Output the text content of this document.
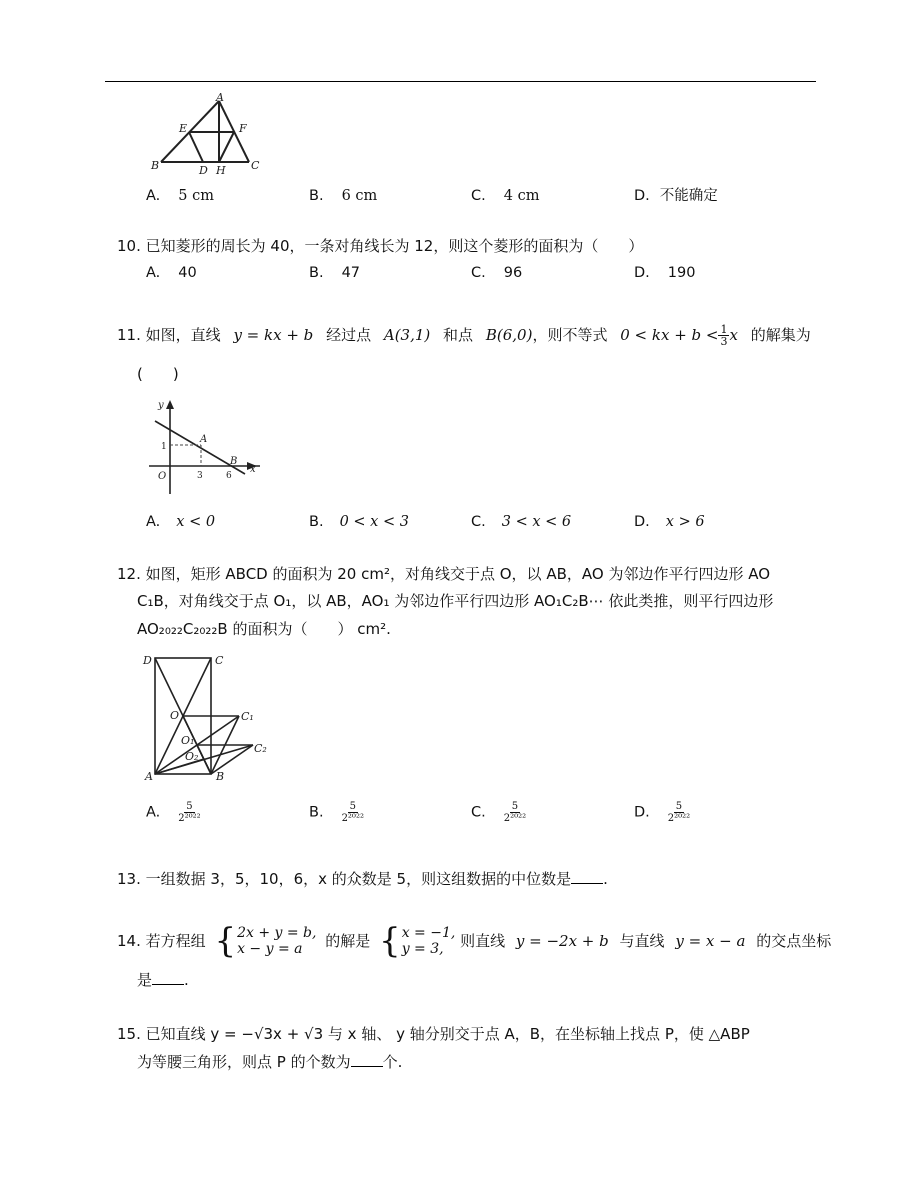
A
E	F
B	D H C
A. 5 cm	B. 6 cm	C. 4 cm	D. 不能确定
10. 已知菱形的周长为 40，一条对角线长为 12，则这个菱形的面积为（　　）
A. 40	B. 47	C. 96	D. 190
11. 如图，直线 y = kx + b 经过点 A(3,1) 和点 B(6,0)，则不等式 0 < kx + $b < \frac{1}{3}$ x 的解集为
(　　)
y
x
O
A
B
1
3	6
A. x < 0	B. 0 < x < 3	C. 3 < x < 6	D. x > 6
12. 如图，矩形 ABCD 的面积为 20 cm²，对角线交于点 O，以 AB，AO 为邻边作平行四边形 AO
C₁B，对角线交于点 O₁，以 AB，AO₁ 为邻边作平行四边形 AO₁C₂B⋯ 依此类推，则平行四边形
AO₂₀₂₂C₂₀₂₂B 的面积为（　　） cm².
D	C
O	C₁
O₁
O₂
C₂
A	B
A. $\frac{5}{\text{2²⁰²²}}$	B. $\frac{5}{\text{2²⁰²²}}$	C. $\frac{5}{\text{2²⁰²²}}$	D. $\frac{5}{\text{2²⁰²²}}$
13. 一组数据 3，5，10，6，x 的众数是 5，则这组数据的中位数是 .
14. 若方程组 { 2x + y = b,
x − y = a	的解是 { x = −1,
y = 3,	则直线 y = −2x + b 与直线 y = x − a 的交点坐标
是 .
15. 已知直线 y = −√3x + √3 与 x 轴、 y 轴分别交于点 A，B，在坐标轴上找点 P，使 △ABP
为等腰三角形，则点 P 的个数为 个.
